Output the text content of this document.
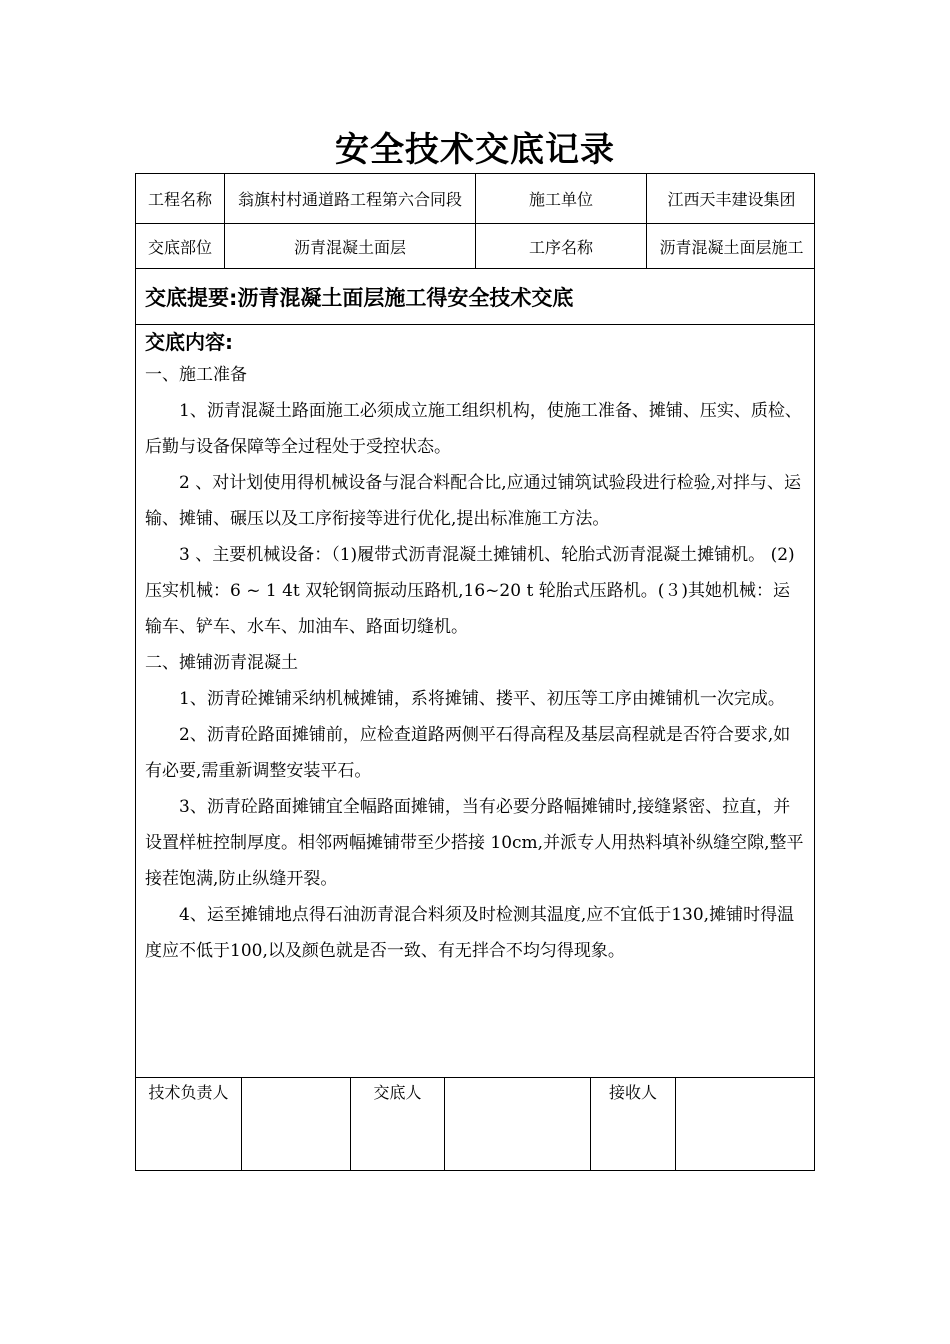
安全技术交底记录
工程名称	翁旗村村通道路工程第六合同段	施工单位	江西天丰建设集团
交底部位	沥青混凝土面层	工序名称	沥青混凝土面层施工
交底提要:沥青混凝土面层施工得安全技术交底
交底内容:

一、施工准备

1、沥青混凝土路面施工必须成立施工组织机构，使施工准备、摊铺、压实、质检、后勤与设备保障等全过程处于受控状态。

2 、对计划使用得机械设备与混合料配合比,应通过铺筑试验段进行检验,对拌与、运输、摊铺、碾压以及工序衔接等进行优化,提出标准施工方法。

3 、主要机械设备：（1)履带式沥青混凝土摊铺机、轮胎式沥青混凝土摊铺机。 (2)压实机械：6 ~ 1 4t 双轮钢筒振动压路机,16~20 t 轮胎式压路机。(３)其她机械：运输车、铲车、水车、加油车、路面切缝机。

二、摊铺沥青混凝土

1、沥青砼摊铺采纳机械摊铺，系将摊铺、搂平、初压等工序由摊铺机一次完成。

2、沥青砼路面摊铺前，应检查道路两侧平石得高程及基层高程就是否符合要求,如有必要,需重新调整安装平石。

3、沥青砼路面摊铺宜全幅路面摊铺，当有必要分路幅摊铺时,接缝紧密、拉直，并设置样桩控制厚度。相邻两幅摊铺带至少搭接 10cm,并派专人用热料填补纵缝空隙,整平接茬饱满,防止纵缝开裂。

4、运至摊铺地点得石油沥青混合料须及时检测其温度,应不宜低于130,摊铺时得温度应不低于100,以及颜色就是否一致、有无拌合不均匀得现象。

技术负责人	交底人	接收人
